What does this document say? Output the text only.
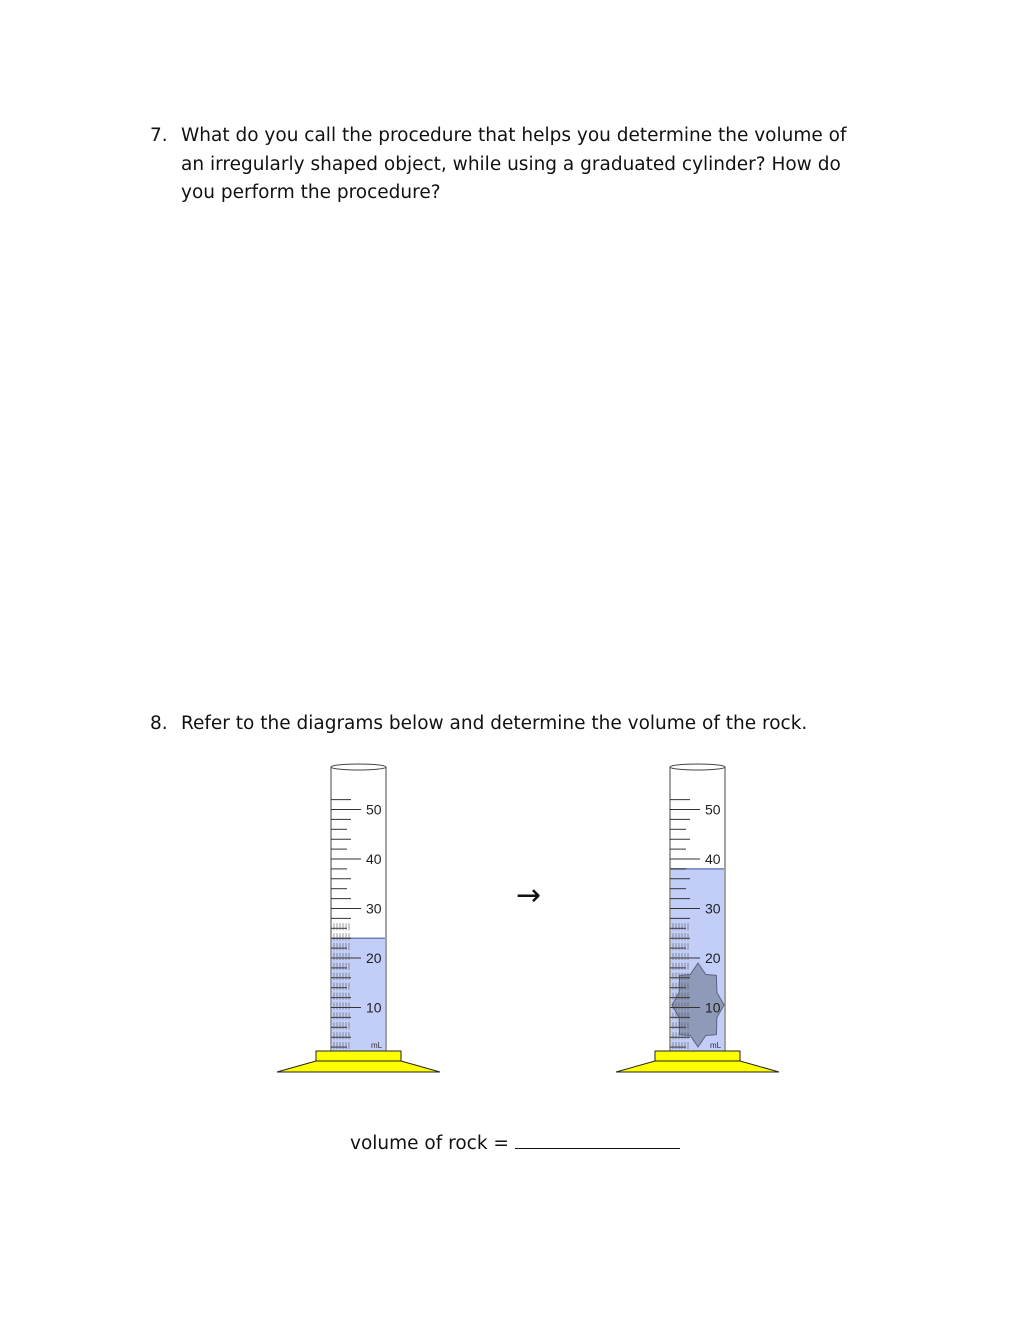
7. What do you call the procedure that helps you determine the volume of
an irregularly shaped object, while using a graduated cylinder? How do
you perform the procedure?
8. Refer to the diagrams below and determine the volume of the rock.
50
40
30
20
10
mL
→
50
40
30
20
10
mL
volume of rock =
